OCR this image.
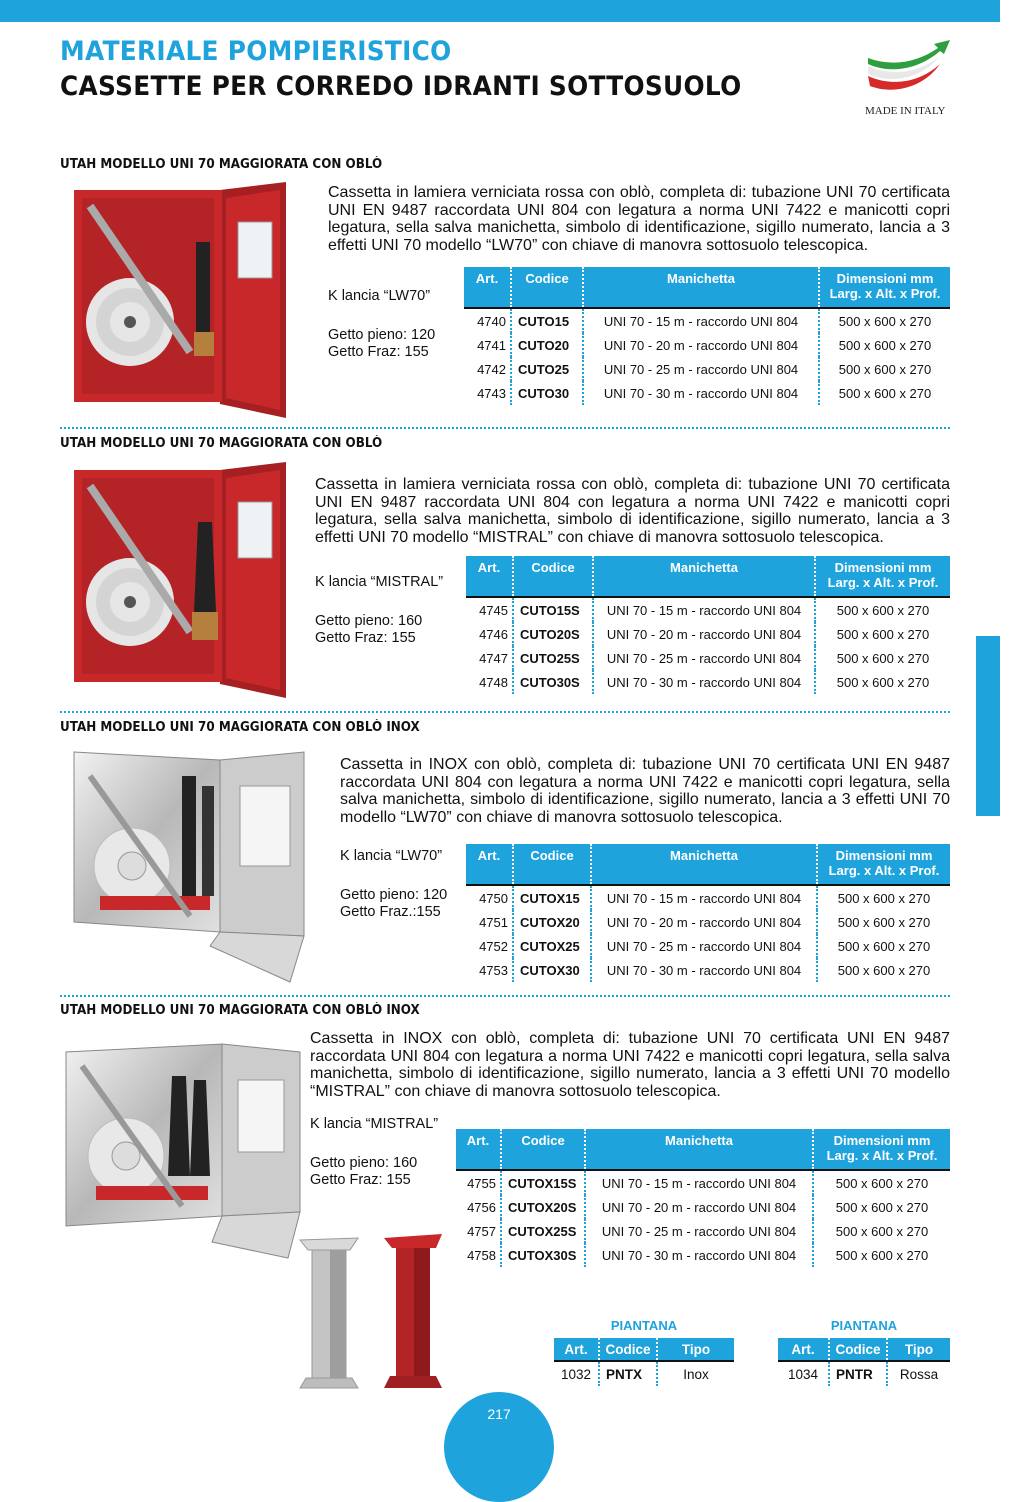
MATERIALE POMPIERISTICO
CASSETTE PER CORREDO IDRANTI SOTTOSUOLO
MADE IN ITALY
UTAH MODELLO UNI 70 MAGGIORATA CON OBLÒ
Cassetta in lamiera verniciata rossa con oblò, completa di: tubazione UNI 70 certificata UNI EN 9487 raccordata UNI 804 con legatura a norma UNI 7422 e manicotti copri legatura, sella salva manichetta, simbolo di identificazione, sigillo numerato, lancia a 3 effetti UNI 70 modello “LW70” con chiave di manovra sottosuolo telescopica.
K lancia “LW70”
Getto pieno: 120
Getto Fraz: 155
Art.	Codice	Manichetta	Dimensioni mm
Larg. x Alt. x Prof.

4740	CUTO15	UNI 70 - 15 m - raccordo UNI 804	500 x 600 x 270
4741	CUTO20	UNI 70 - 20 m - raccordo UNI 804	500 x 600 x 270
4742	CUTO25	UNI 70 - 25 m - raccordo UNI 804	500 x 600 x 270
4743	CUTO30	UNI 70 - 30 m - raccordo UNI 804	500 x 600 x 270
UTAH MODELLO UNI 70 MAGGIORATA CON OBLÒ
Cassetta in lamiera verniciata rossa con oblò, completa di: tubazione UNI 70 certificata UNI EN 9487 raccordata UNI 804 con legatura a norma UNI 7422 e manicotti copri legatura, sella salva manichetta, simbolo di identificazione, sigillo numerato, lancia a 3 effetti UNI 70 modello “MISTRAL” con chiave di manovra sottosuolo telescopica.
K lancia “MISTRAL”
Getto pieno: 160
Getto Fraz: 155
Art.	Codice	Manichetta	Dimensioni mm
Larg. x Alt. x Prof.

4745	CUTO15S	UNI 70 - 15 m - raccordo UNI 804	500 x 600 x 270
4746	CUTO20S	UNI 70 - 20 m - raccordo UNI 804	500 x 600 x 270
4747	CUTO25S	UNI 70 - 25 m - raccordo UNI 804	500 x 600 x 270
4748	CUTO30S	UNI 70 - 30 m - raccordo UNI 804	500 x 600 x 270
UTAH MODELLO UNI 70 MAGGIORATA CON OBLÒ INOX
Cassetta in INOX con oblò, completa di: tubazione UNI 70 certificata UNI EN 9487 raccordata UNI 804 con legatura a norma UNI 7422 e manicotti copri legatura, sella salva manichetta, simbolo di identificazione, sigillo numerato, lancia a 3 effetti UNI 70 modello “LW70” con chiave di manovra sottosuolo telescopica.
K lancia “LW70”
Getto pieno: 120
Getto Fraz.:155
Art.	Codice	Manichetta	Dimensioni mm
Larg. x Alt. x Prof.

4750	CUTOX15	UNI 70 - 15 m - raccordo UNI 804	500 x 600 x 270
4751	CUTOX20	UNI 70 - 20 m - raccordo UNI 804	500 x 600 x 270
4752	CUTOX25	UNI 70 - 25 m - raccordo UNI 804	500 x 600 x 270
4753	CUTOX30	UNI 70 - 30 m - raccordo UNI 804	500 x 600 x 270
UTAH MODELLO UNI 70 MAGGIORATA CON OBLÒ INOX
Cassetta in INOX con oblò, completa di: tubazione UNI 70 certificata UNI EN 9487 raccordata UNI 804 con legatura a norma UNI 7422 e manicotti copri legatura, sella salva manichetta, simbolo di identificazione, sigillo numerato, lancia a 3 effetti UNI 70 modello “MISTRAL” con chiave di manovra sottosuolo telescopica.
K lancia “MISTRAL”
Getto pieno: 160
Getto Fraz: 155
Art.	Codice	Manichetta	Dimensioni mm
Larg. x Alt. x Prof.

4755	CUTOX15S	UNI 70 - 15 m - raccordo UNI 804	500 x 600 x 270
4756	CUTOX20S	UNI 70 - 20 m - raccordo UNI 804	500 x 600 x 270
4757	CUTOX25S	UNI 70 - 25 m - raccordo UNI 804	500 x 600 x 270
4758	CUTOX30S	UNI 70 - 30 m - raccordo UNI 804	500 x 600 x 270
PIANTANA
Art.	Codice	Tipo
1032	PNTX	Inox
PIANTANA
Art.	Codice	Tipo
1034	PNTR	Rossa
217
